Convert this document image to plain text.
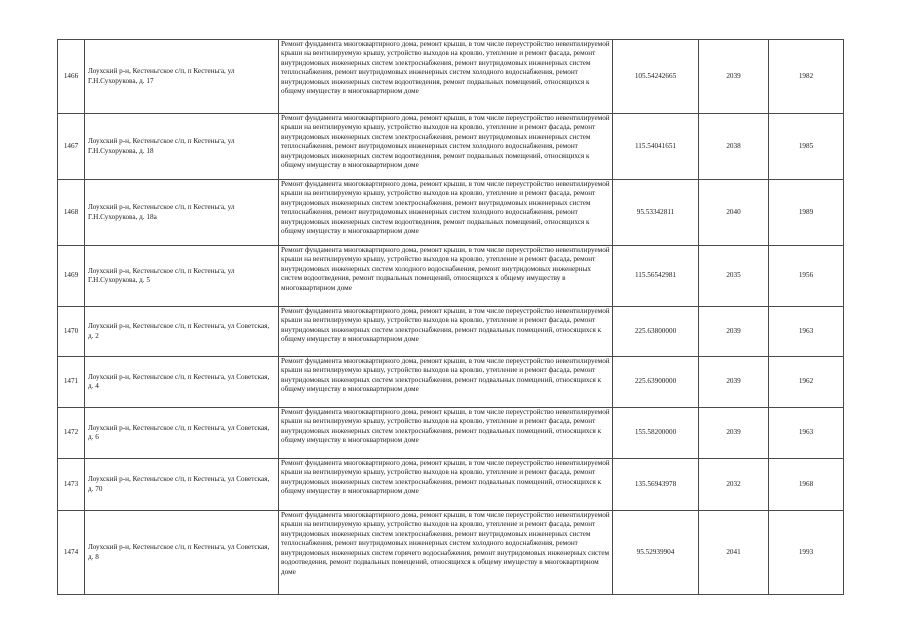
1466	Лоухский р-н, Кестеньгское с/п, п Кестеньга, ул Г.Н.Сухорукова, д. 17	Ремонт фундамента многоквартирного дома, ремонт крыши, в том числе переустройство невентилируемой крыши на вентилируемую крышу, устройство выходов на кровлю, утепление и ремонт фасада, ремонт внутридомовых инженерных систем электроснабжения, ремонт внутридомовых инженерных систем теплоснабжения, ремонт внутридомовых инженерных систем холодного водоснабжения, ремонт внутридомовых инженерных систем водоотведения, ремонт подвальных помещений, относящихся к общему имуществу в многоквартирном доме	105.54242665	2039	1982
1467	Лоухский р-н, Кестеньгское с/п, п Кестеньга, ул Г.Н.Сухорукова, д. 18	Ремонт фундамента многоквартирного дома, ремонт крыши, в том числе переустройство невентилируемой крыши на вентилируемую крышу, устройство выходов на кровлю, утепление и ремонт фасада, ремонт внутридомовых инженерных систем электроснабжения, ремонт внутридомовых инженерных систем теплоснабжения, ремонт внутридомовых инженерных систем холодного водоснабжения, ремонт внутридомовых инженерных систем водоотведения, ремонт подвальных помещений, относящихся к общему имуществу в многоквартирном доме	115.54041651	2038	1985
1468	Лоухский р-н, Кестеньгское с/п, п Кестеньга, ул Г.Н.Сухорукова, д. 18а	Ремонт фундамента многоквартирного дома, ремонт крыши, в том числе переустройство невентилируемой крыши на вентилируемую крышу, устройство выходов на кровлю, утепление и ремонт фасада, ремонт внутридомовых инженерных систем электроснабжения, ремонт внутридомовых инженерных систем теплоснабжения, ремонт внутридомовых инженерных систем холодного водоснабжения, ремонт внутридомовых инженерных систем водоотведения, ремонт подвальных помещений, относящихся к общему имуществу в многоквартирном доме	95.53342811	2040	1989
1469	Лоухский р-н, Кестеньгское с/п, п Кестеньга, ул Г.Н.Сухорукова, д. 5	Ремонт фундамента многоквартирного дома, ремонт крыши, в том числе переустройство невентилируемой крыши на вентилируемую крышу, устройство выходов на кровлю, утепление и ремонт фасада, ремонт внутридомовых инженерных систем холодного водоснабжения, ремонт внутридомовых инженерных систем водоотведения, ремонт подвальных помещений, относящихся к общему имуществу в многоквартирном доме	115.56542981	2035	1956
1470	Лоухский р-н, Кестеньгское с/п, п Кестеньга, ул Советская, д. 2	Ремонт фундамента многоквартирного дома, ремонт крыши, в том числе переустройство невентилируемой крыши на вентилируемую крышу, устройство выходов на кровлю, утепление и ремонт фасада, ремонт внутридомовых инженерных систем электроснабжения, ремонт подвальных помещений, относящихся к общему имуществу в многоквартирном доме	225.63800000	2039	1963
1471	Лоухский р-н, Кестеньгское с/п, п Кестеньга, ул Советская, д. 4	Ремонт фундамента многоквартирного дома, ремонт крыши, в том числе переустройство невентилируемой крыши на вентилируемую крышу, устройство выходов на кровлю, утепление и ремонт фасада, ремонт внутридомовых инженерных систем электроснабжения, ремонт подвальных помещений, относящихся к общему имуществу в многоквартирном доме	225.63900000	2039	1962
1472	Лоухский р-н, Кестеньгское с/п, п Кестеньга, ул Советская, д. 6	Ремонт фундамента многоквартирного дома, ремонт крыши, в том числе переустройство невентилируемой крыши на вентилируемую крышу, устройство выходов на кровлю, утепление и ремонт фасада, ремонт внутридомовых инженерных систем электроснабжения, ремонт подвальных помещений, относящихся к общему имуществу в многоквартирном доме	155.58200000	2039	1963
1473	Лоухский р-н, Кестеньгское с/п, п Кестеньга, ул Советская, д. 70	Ремонт фундамента многоквартирного дома, ремонт крыши, в том числе переустройство невентилируемой крыши на вентилируемую крышу, устройство выходов на кровлю, утепление и ремонт фасада, ремонт внутридомовых инженерных систем электроснабжения, ремонт подвальных помещений, относящихся к общему имуществу в многоквартирном доме	135.56943978	2032	1968
1474	Лоухский р-н, Кестеньгское с/п, п Кестеньга, ул Советская, д. 8	Ремонт фундамента многоквартирного дома, ремонт крыши, в том числе переустройство невентилируемой крыши на вентилируемую крышу, устройство выходов на кровлю, утепление и ремонт фасада, ремонт внутридомовых инженерных систем электроснабжения, ремонт внутридомовых инженерных систем теплоснабжения, ремонт внутридомовых инженерных систем холодного водоснабжения, ремонт внутридомовых инженерных систем горячего водоснабжения, ремонт внутридомовых инженерных систем водоотведения, ремонт подвальных помещений, относящихся к общему имуществу в многоквартирном доме	95.52939904	2041	1993
